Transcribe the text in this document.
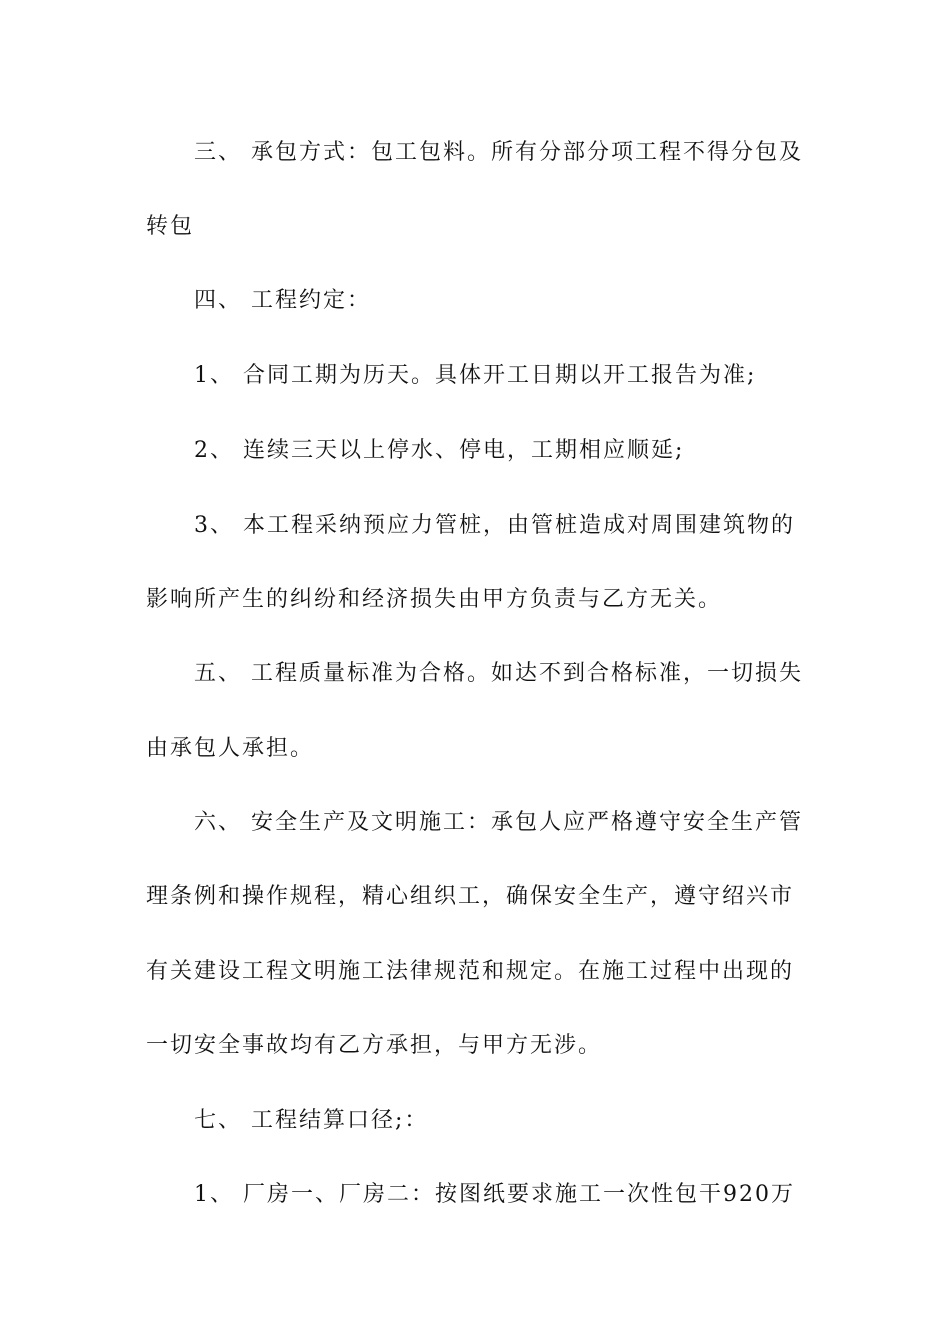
三、 承包方式：包工包料。所有分部分项工程不得分包及
转包
四、 工程约定：
1、 合同工期为历天。具体开工日期以开工报告为准;
2、 连续三天以上停水、停电，工期相应顺延;
3、 本工程采纳预应力管桩，由管桩造成对周围建筑物的
影响所产生的纠纷和经济损失由甲方负责与乙方无关。
五、 工程质量标准为合格。如达不到合格标准，一切损失
由承包人承担。
六、 安全生产及文明施工：承包人应严格遵守安全生产管
理条例和操作规程，精心组织工，确保安全生产，遵守绍兴市
有关建设工程文明施工法律规范和规定。在施工过程中出现的
一切安全事故均有乙方承担，与甲方无涉。
七、 工程结算口径;：
1、 厂房一、厂房二：按图纸要求施工一次性包干920万
